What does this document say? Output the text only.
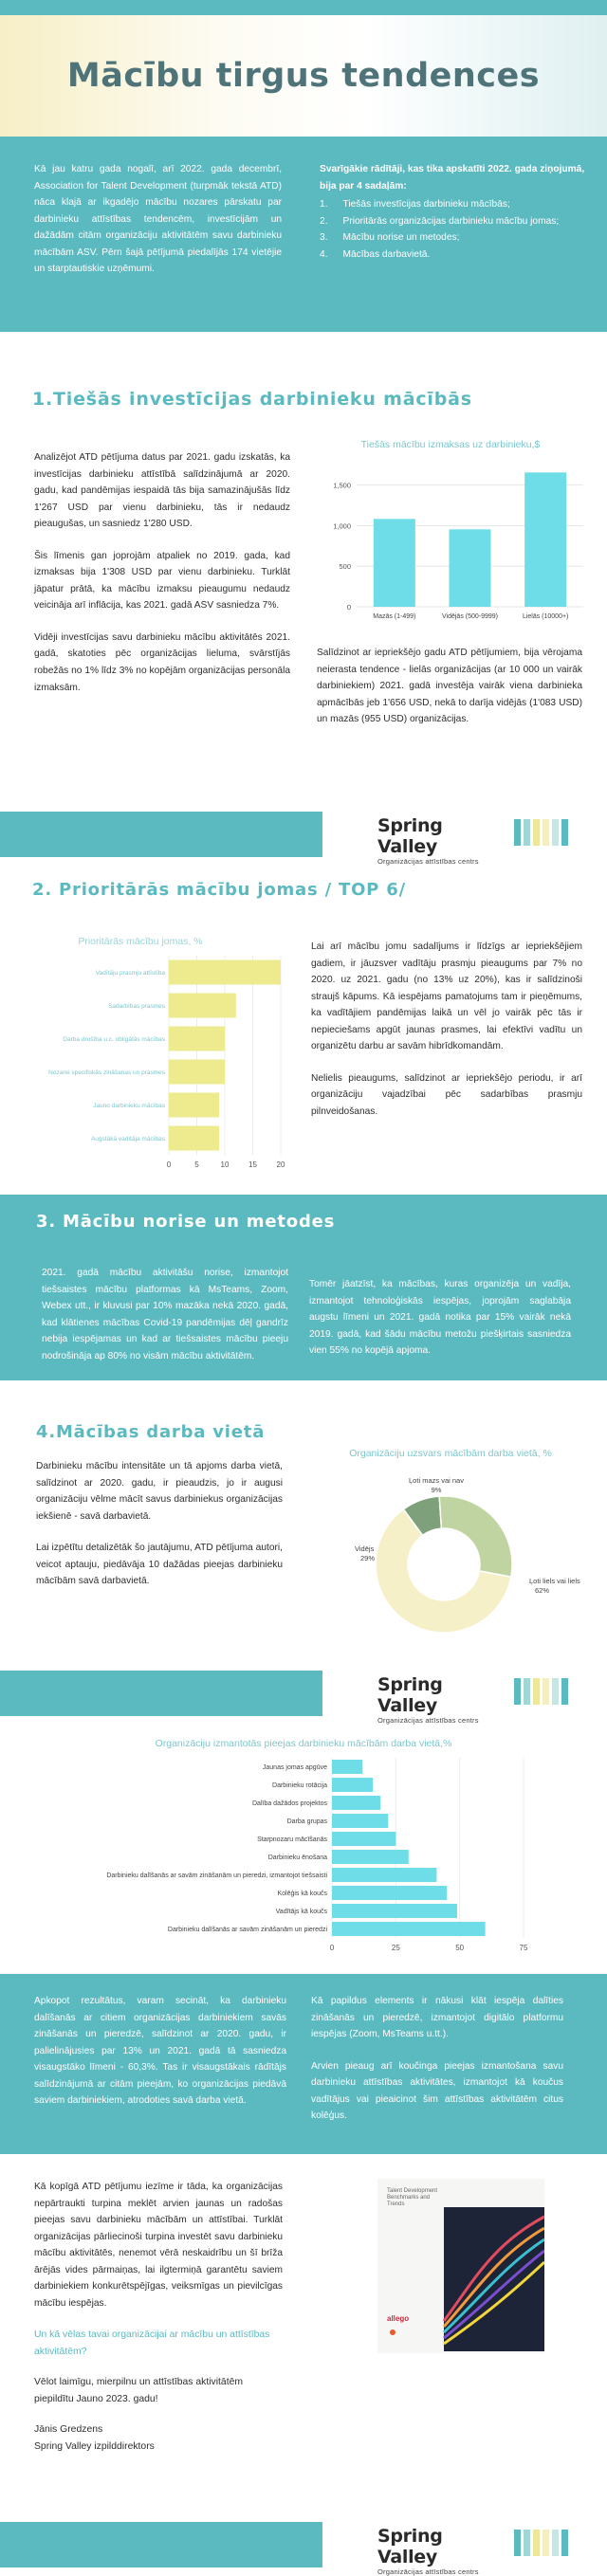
Mācību tirgus tendences

Kā jau katru gada nogalī, arī 2022. gada decembrī, Association for Talent Development (turpmāk tekstā ATD) nāca klajā ar ikgadējo mācību nozares pārskatu par darbinieku attīstības tendencēm, investīcijām un dažādām citām organizāciju aktivitātēm savu darbinieku mācībām ASV. Pērn šajā pētījumā piedalījās 174 vietējie un starptautiskie uzņēmumi.

Svarīgākie rādītāji, kas tika apskatīti 2022. gada ziņojumā, bija par 4 sadaļām:

1. Tiešās investīcijas darbinieku mācībās;
2. Prioritārās organizācijas darbinieku mācību jomas;
3. Mācību norise un metodes;
4. Mācības darbavietā.
1.Tiešās investīcijas darbinieku mācībās

Analizējot ATD pētījuma datus par 2021. gadu izskatās, ka investīcijas darbinieku attīstībā salīdzinājumā ar 2020. gadu, kad pandēmijas iespaidā tās bija samazinājušās līdz 1'267 USD par vienu darbinieku, tās ir nedaudz pieaugušas, un sasniedz 1'280 USD.

Šis līmenis gan joprojām atpaliek no 2019. gada, kad izmaksas bija 1'308 USD par vienu darbinieku. Turklāt jāpatur prātā, ka mācību izmaksu pieaugumu nedaudz veicināja arī inflācija, kas 2021. gadā ASV sasniedza 7%.

Vidēji investīcijas savu darbinieku mācību aktivitātēs 2021. gadā, skatoties pēc organizācijas lieluma, svārstījās robežās no 1% līdz 3% no kopējām organizācijas personāla izmaksām.

Tiešās mācību izmaksas uz darbinieku,$
0
500
1,000
1,500
Mazās (1-499)	Vidējās (500-9999)	Lielās (10000+)

Salīdzinot ar iepriekšējo gadu ATD pētījumiem, bija vērojama neierasta tendence - lielās organizācijas (ar 10 000 un vairāk darbiniekiem) 2021. gadā investēja vairāk viena darbinieka apmācībās jeb 1'656 USD, nekā to darīja vidējās (1'083 USD) un mazās (955 USD) organizācijas.

Spring Valley
Organizācijas attīstības centrs
2. Prioritārās mācību jomas / TOP 6/
Prioritārās mācību jomas, %
0	5	10	15	20
Vadītāju prasmju attīstība
Sadarbības prasmes
Darba drošība u.c. obligātās mācības
Nozarei specifiskās zināšanas un prasmes
Jauno darbinieku mācības
Augstākā vadītāja mācības

Lai arī mācību jomu sadalījums ir līdzīgs ar iepriekšējiem gadiem, ir jāuzsver vadītāju prasmju pieaugums par 7% no 2020. uz 2021. gadu (no 13% uz 20%), kas ir salīdzinoši straujš kāpums. Kā iespējams pamatojums tam ir pieņēmums, ka vadītājiem pandēmijas laikā un vēl jo vairāk pēc tās ir nepieciešams apgūt jaunas prasmes, lai efektīvi vadītu un organizētu darbu ar savām hibrīdkomandām.

Nelielis pieaugums, salīdzinot ar iepriekšējo periodu, ir arī organizāciju vajadzībai pēc sadarbības prasmju pilnveidošanas.

3. Mācību norise un metodes

2021. gadā mācību aktivitāšu norise, izmantojot tiešsaistes mācību platformas kā MsTeams, Zoom, Webex utt., ir kluvusi par 10% mazāka nekā 2020. gadā, kad klātienes mācības Covid-19 pandēmijas dēļ gandrīz nebija iespējamas un kad ar tiešsaistes mācību pieeju nodrošināja ap 80% no visām mācību aktivitātēm.

Tomēr jāatzīst, ka mācības, kuras organizēja un vadīja, izmantojot tehnoloģiskās iespējas, joprojām saglabāja augstu līmeni un 2021. gadā notika par 15% vairāk nekā 2019. gadā, kad šādu mācību metožu piešķirtais sasniedza vien 55% no kopējā apjoma.

4.Mācības darba vietā

Darbinieku mācību intensitāte un tā apjoms darba vietā, salīdzinot ar 2020. gadu, ir pieaudzis, jo ir augusi organizāciju vēlme mācīt savus darbiniekus organizācijas iekšienē - savā darbavietā.

Lai izpētītu detalizētāk šo jautājumu, ATD pētījuma autori, veicot aptauju, piedāvāja 10 dažādas pieejas darbinieku mācībām savā darbavietā.

Organizāciju uzsvars mācībām darba vietā, %
Ļoti mazs vai nav
9%
Vidējs
29%
Ļoti liels vai liels
62%
Spring Valley
Organizācijas attīstības centrs
Organizāciju izmantotās pieejas darbinieku mācībām darba vietā,%
0	25	50	75
Jaunas jomas apgūve
Darbinieku rotācija
Dalība dažādos projektos
Darba grupas
Starpnozaru mācīšanās
Darbinieku ēnošana
Darbinieku dalīšanās ar savām zināšanām un pieredzi, izmantojot tiešsaisti
Kolēģis kā koučs
Vadītājs kā koučs
Darbinieku dalīšanās ar savām zināšanām un pieredzi

Apkopot rezultātus, varam secināt, ka darbinieku dalīšanās ar citiem organizācijas darbiniekiem savās zināšanās un pieredzē, salīdzinot ar 2020. gadu, ir palielinājusies par 13% un 2021. gadā tā sasniedza visaugstāko līmeni - 60,3%. Tas ir visaugstākais rādītājs salīdzinājumā ar citām pieejām, ko organizācijas piedāvā saviem darbiniekiem, atrodoties savā darba vietā.

Kā papildus elements ir nākusi klāt iespēja dalīties zināšanās un pieredzē, izmantojot digitālo platformu iespējas (Zoom, MsTeams u.tt.).

Arvien pieaug arī koučinga pieejas izmantošana savu darbinieku attīstības aktivitātes, izmantojot kā koučus vadītājus vai pieaicinot šim attīstības aktivitātēm citus kolēģus.

Kā kopīgā ATD pētījumu iezīme ir tāda, ka organizācijas nepārtraukti turpina meklēt arvien jaunas un radošas pieejas savu darbinieku mācībām un attīstībai. Turklāt organizācijas pārliecinoši turpina investēt savu darbinieku mācību aktivitātēs, nenemot vērā neskaidrību un šī brīža ārējās vides pārmaiņas, lai ilgtermiņā garantētu saviem darbiniekiem konkurētspējīgas, veiksmīgas un pievilcīgas mācību iespējas.

Un kā vēlas tavai organizācijai ar mācību un attīstības aktivitātēm?

Vēlot laimīgu, mierpilnu un attīstības aktivitātēm piepildītu Jauno 2023. gadu!

Jānis Gredzens

Spring Valley izpilddirektors

Talent Development
Benchmarks and
Trends
allego
Spring Valley
Organizācijas attīstības centrs
